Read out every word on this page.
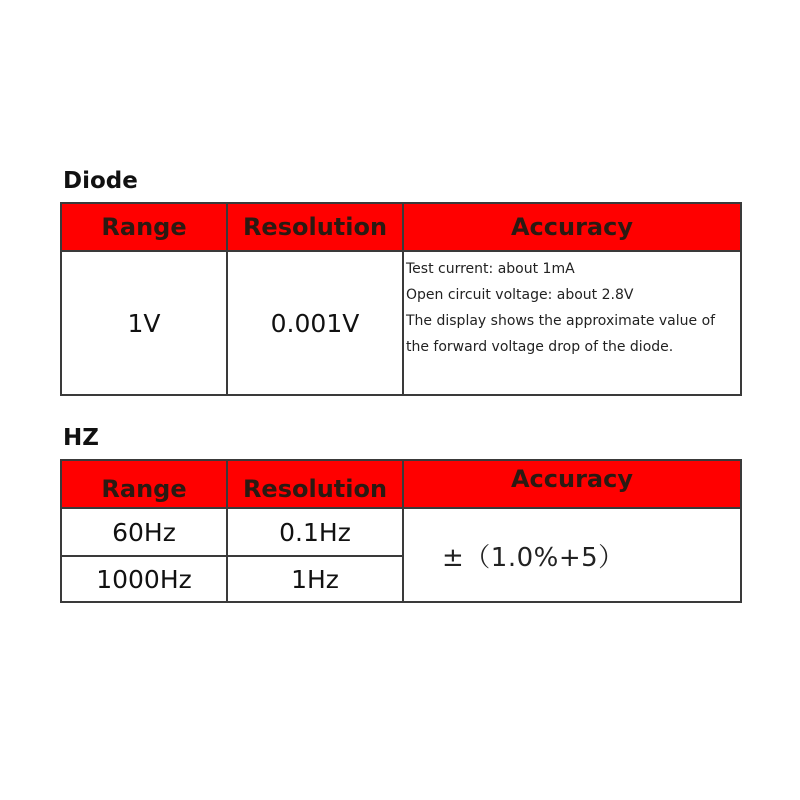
Diode
Range	Resolution	Accuracy
1V	0.001V	Test current: about 1mA
Open circuit voltage: about 2.8V
The display shows the approximate value of
the forward voltage drop of the diode.
HZ
Range	Resolution	Accuracy
60Hz	0.1Hz	±（1.0%+5）
1000Hz	1Hz	
